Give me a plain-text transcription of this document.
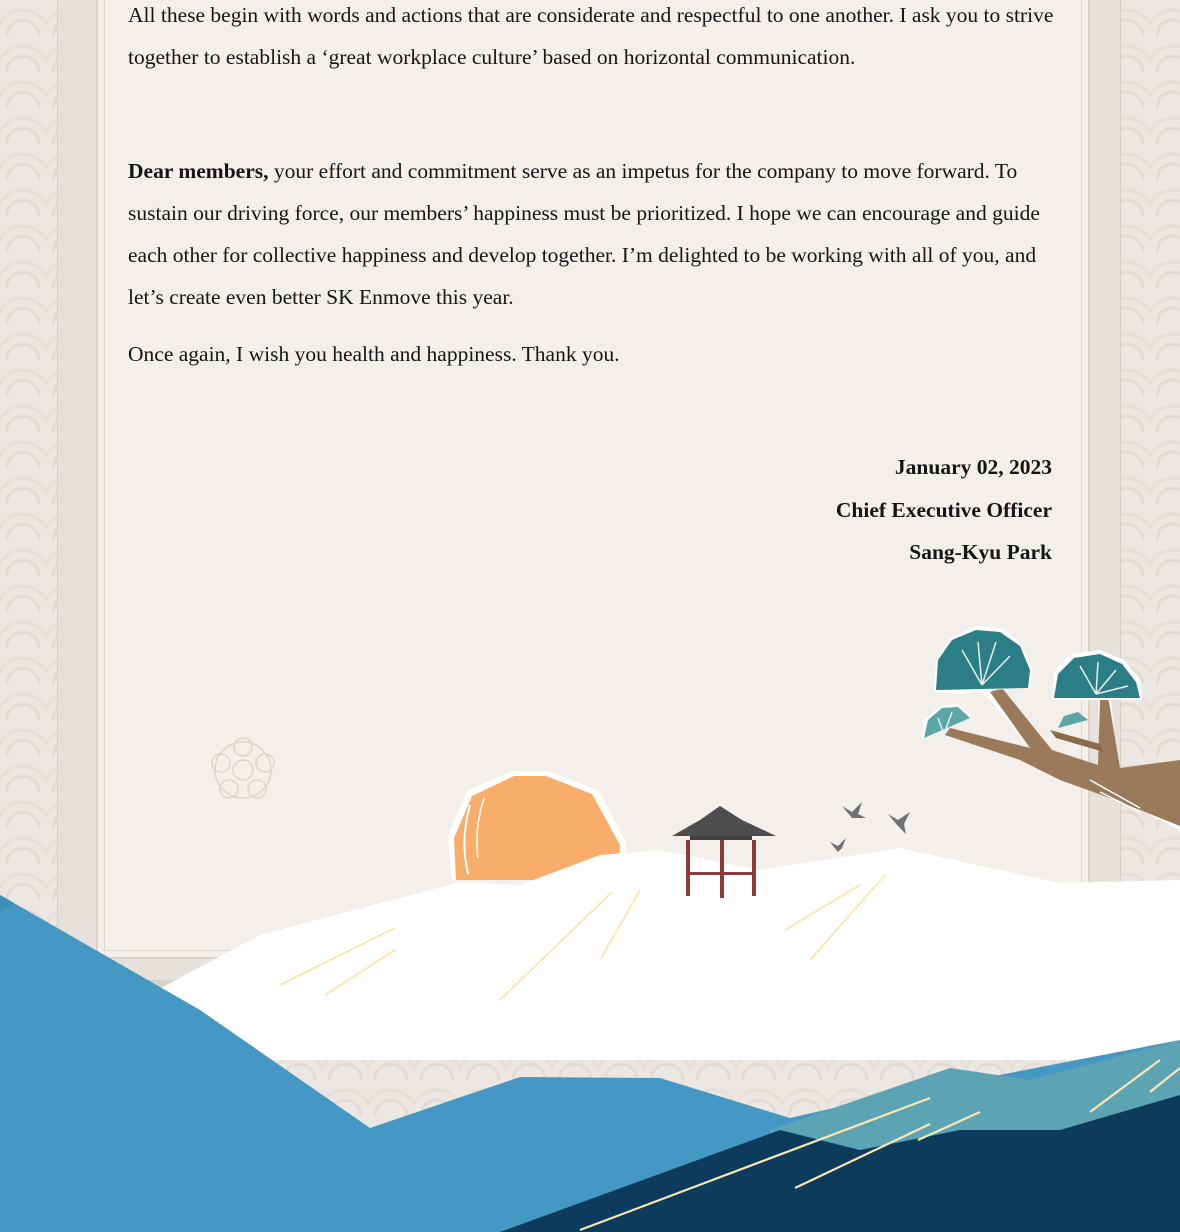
All these begin with words and actions that are considerate and respectful to one another. I ask you to strive together to establish a ‘great workplace culture’ based on horizontal communication.

Dear members, your effort and commitment serve as an impetus for the company to move forward. To sustain our driving force, our members’ happiness must be prioritized. I hope we can encourage and guide each other for collective happiness and develop together. I’m delighted to be working with all of you, and let’s create even better SK Enmove this year.

Once again, I wish you health and happiness. Thank you.

January 02, 2023
Chief Executive Officer
Sang-Kyu Park
